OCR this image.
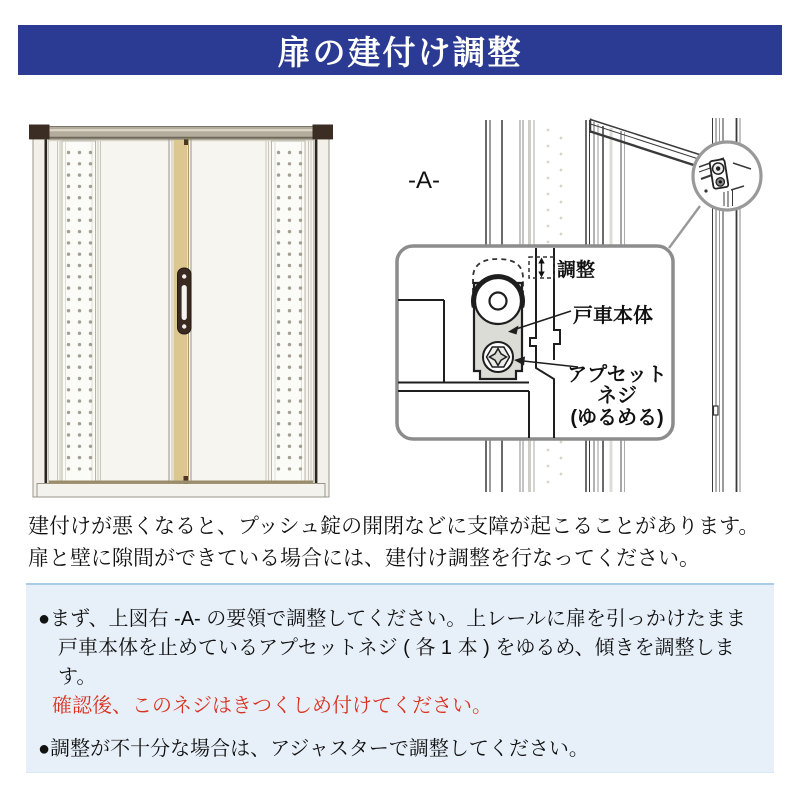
扉の建付け調整
-A-
調整
戸車本体
アプセット
ネジ
(ゆるめる)
建付けが悪くなると、プッシュ錠の開閉などに支障が起こることがあります。
扉と壁に隙間ができている場合には、建付け調整を行なってください。
●まず、上図右 -A- の要領で調整してください。上レールに扉を引っかけたまま
戸車本体を止めているアプセットネジ ( 各 1 本 ) をゆるめ、傾きを調整します。
確認後、このネジはきつくしめ付けてください。
●調整が不十分な場合は、アジャスターで調整してください。
